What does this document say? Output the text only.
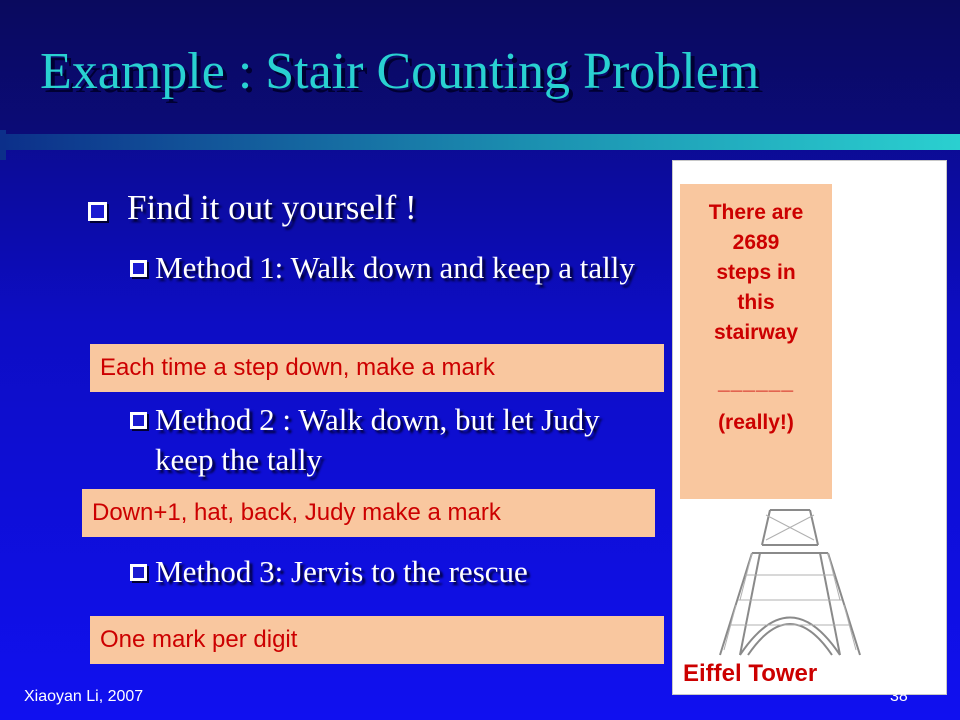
Example : Stair Counting Problem
Find it out yourself !
Method 1: Walk down and keep a tally
Each time a step down, make a mark
Method 2 : Walk down, but let Judy keep the tally
Down+1, hat, back, Judy make a mark
Method 3: Jervis to the rescue
One mark per digit
There are
2689
steps in
this
stairway
______
(really!)
Eiffel Tower
Xiaoyan Li, 2007	38
